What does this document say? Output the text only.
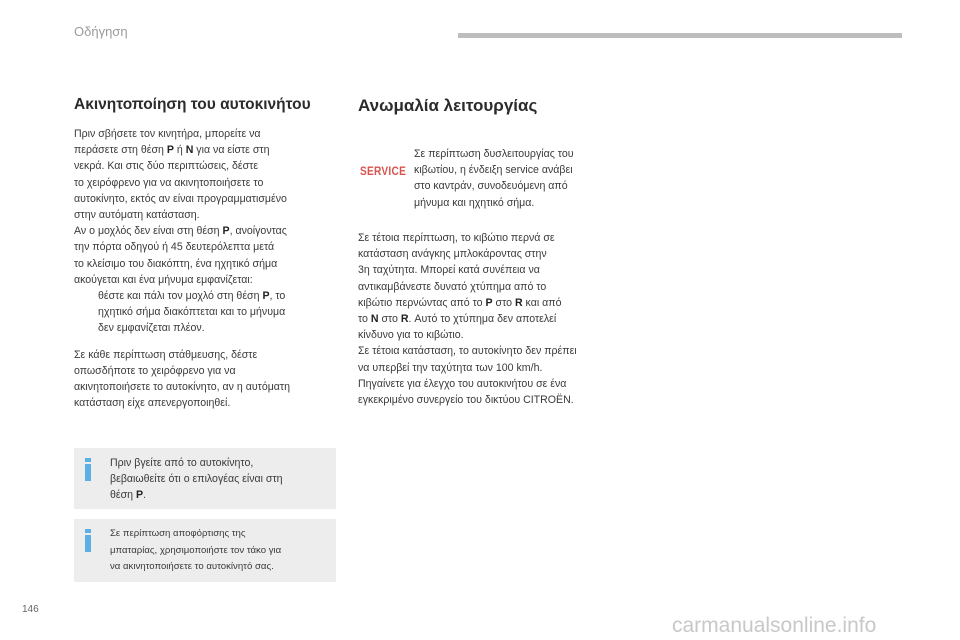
Οδήγηση
Ακινητοποίηση του αυτοκινήτου
Πριν σβήσετε τον κινητήρα, μπορείτε να
περάσετε στη θέση P ή N για να είστε στη
νεκρά. Και στις δύο περιπτώσεις, δέστε
το χειρόφρενο για να ακινητοποιήσετε το
αυτοκίνητο, εκτός αν είναι προγραμματισμένο
στην αυτόματη κατάσταση.
Αν ο μοχλός δεν είναι στη θέση P, ανοίγοντας
την πόρτα οδηγού ή 45 δευτερόλεπτα μετά
το κλείσιμο του διακόπτη, ένα ηχητικό σήμα
ακούγεται και ένα μήνυμα εμφανίζεται:
θέστε και πάλι τον μοχλό στη θέση P, το
ηχητικό σήμα διακόπτεται και το μήνυμα
δεν εμφανίζεται πλέον.
Σε κάθε περίπτωση στάθμευσης, δέστε
οπωσδήποτε το χειρόφρενο για να
ακινητοποιήσετε το αυτοκίνητο, αν η αυτόματη
κατάσταση είχε απενεργοποιηθεί.
Πριν βγείτε από το αυτοκίνητο,
βεβαιωθείτε ότι ο επιλογέας είναι στη
θέση P.
Σε περίπτωση αποφόρτισης της
μπαταρίας, χρησιμοποιήστε τον τάκο για
να ακινητοποιήσετε το αυτοκίνητό σας.
Ανωμαλία λειτουργίας
SERVICE
Σε περίπτωση δυσλειτουργίας του
κιβωτίου, η ένδειξη service ανάβει
στο καντράν, συνοδευόμενη από
μήνυμα και ηχητικό σήμα.
Σε τέτοια περίπτωση, το κιβώτιο περνά σε
κατάσταση ανάγκης μπλοκάροντας στην
3η ταχύτητα. Μπορεί κατά συνέπεια να
αντικαμβάνεστε δυνατό χτύπημα από το
κιβώτιο περνώντας από το P στο R και από
το N στο R. Αυτό το χτύπημα δεν αποτελεί
κίνδυνο για το κιβώτιο.
Σε τέτοια κατάσταση, το αυτοκίνητο δεν πρέπει
να υπερβεί την ταχύτητα των 100 km/h.
Πηγαίνετε για έλεγχο του αυτοκινήτου σε ένα
εγκεκριμένο συνεργείο του δικτύου CITROËN.
146
carmanualsonline.info
